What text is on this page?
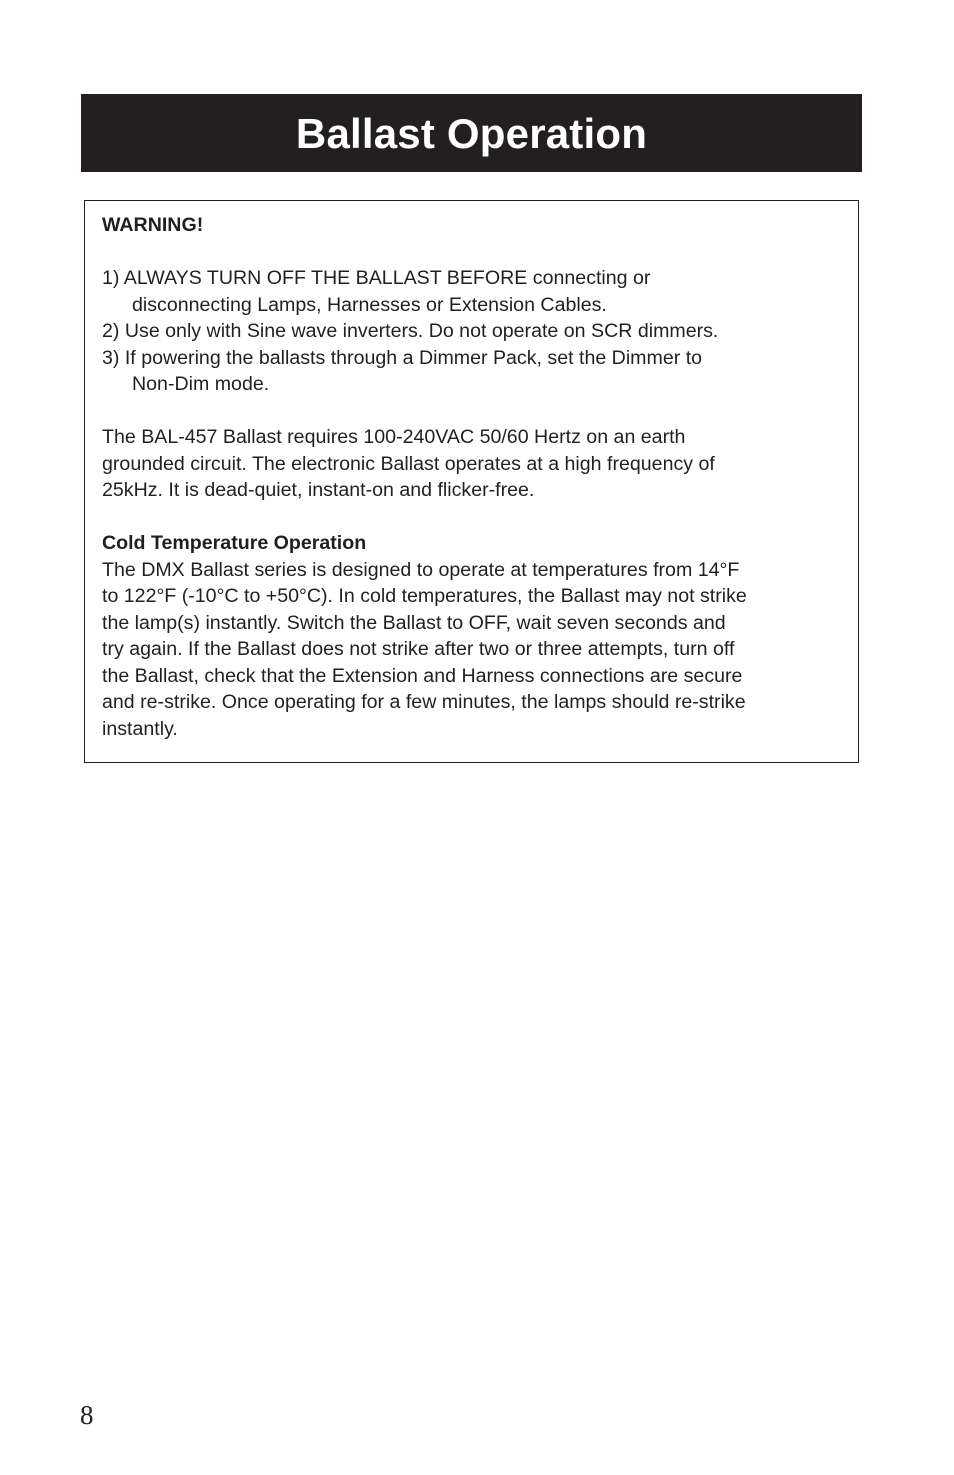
Ballast Operation
WARNING!
1) ALWAYS TURN OFF THE BALLAST BEFORE connecting or
disconnecting Lamps, Harnesses or Extension Cables.
2) Use only with Sine wave inverters. Do not operate on SCR dimmers.
3) If powering the ballasts through a Dimmer Pack, set the Dimmer to
Non-Dim mode.
The BAL-457 Ballast requires 100-240VAC 50/60 Hertz on an earth
grounded circuit. The electronic Ballast operates at a high frequency of
25kHz. It is dead-quiet, instant-on and flicker-free.
Cold Temperature Operation
The DMX Ballast series is designed to operate at temperatures from 14°F
to 122°F (-10°C to +50°C). In cold temperatures, the Ballast may not strike
the lamp(s) instantly. Switch the Ballast to OFF, wait seven seconds and
try again. If the Ballast does not strike after two or three attempts, turn off
the Ballast, check that the Extension and Harness connections are secure
and re-strike. Once operating for a few minutes, the lamps should re-strike
instantly.
8
